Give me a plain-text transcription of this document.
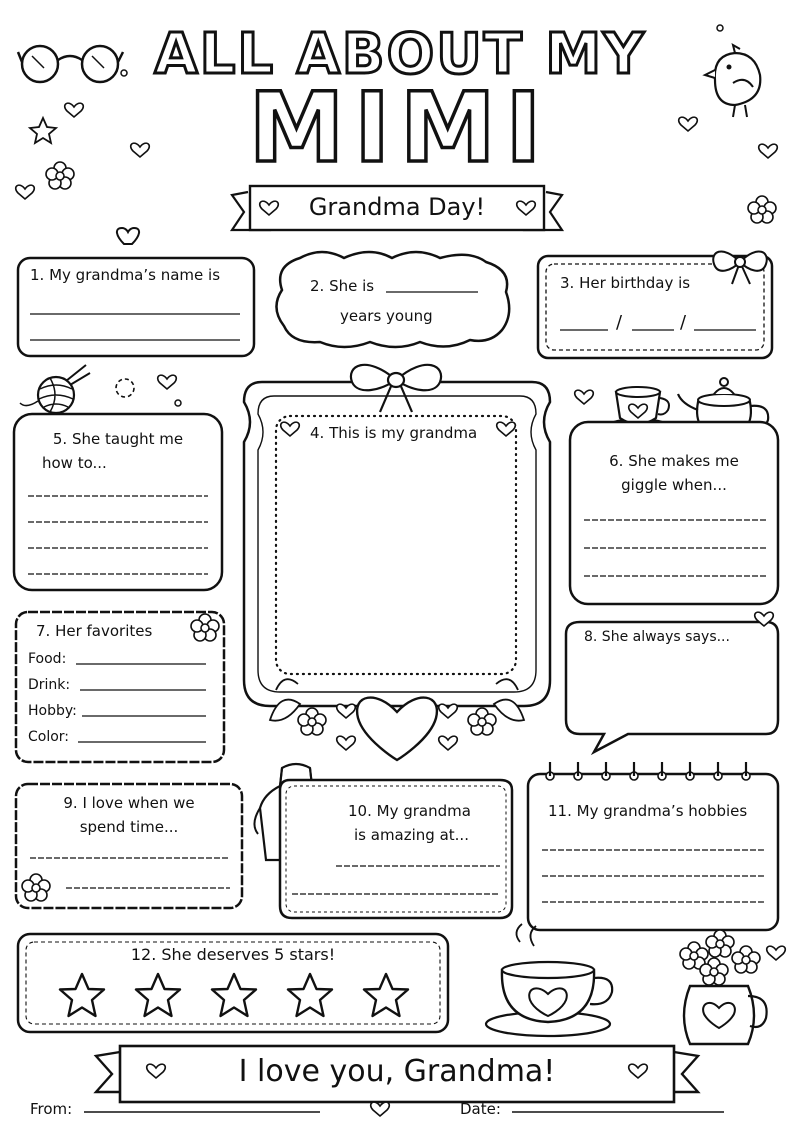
ALL ABOUT MY
MIMI
Grandma Day!
1. My grandma’s name is
2. She is
years young
3. Her birthday is
/	/
4. This is my grandma
5. She taught me
how to...	6. She makes me
giggle when...
7. Her favorites
Food:
Drink:
Hobby:
Color:
8. She always says...
9. I love when we
spend time...
10. My grandma
is amazing at...
11. My grandma’s hobbies
12. She deserves 5 stars!
I love you, Grandma!
From:	Date:
